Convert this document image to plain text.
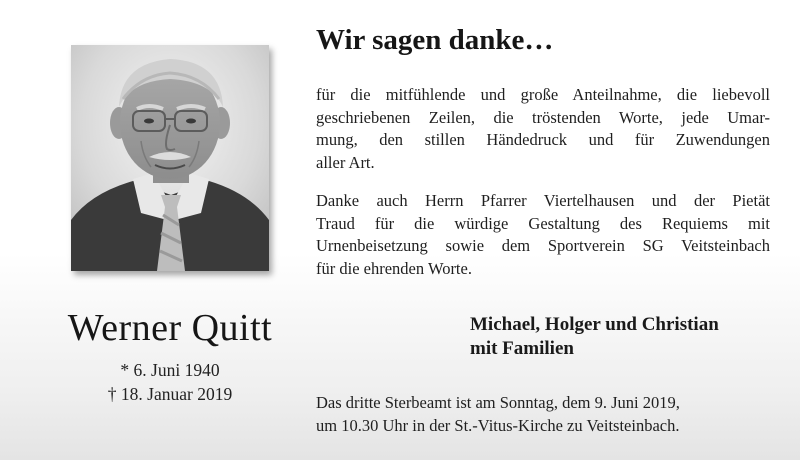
Werner Quitt
* 6. Juni 1940
† 18. Januar 2019
Wir sagen danke…
für die mitfühlende und große Anteilnahme, die liebevoll
geschriebenen Zeilen, die tröstenden Worte, jede Umar-
mung, den stillen Händedruck und für Zuwendungen
aller Art.
Danke auch Herrn Pfarrer Viertelhausen und der Pietät
Traud für die würdige Gestaltung des Requiems mit
Urnenbeisetzung sowie dem Sportverein SG Veitsteinbach
für die ehrenden Worte.
Michael, Holger und Christian
mit Familien
Das dritte Sterbeamt ist am Sonntag, dem 9. Juni 2019,
um 10.30 Uhr in der St.-Vitus-Kirche zu Veitsteinbach.
